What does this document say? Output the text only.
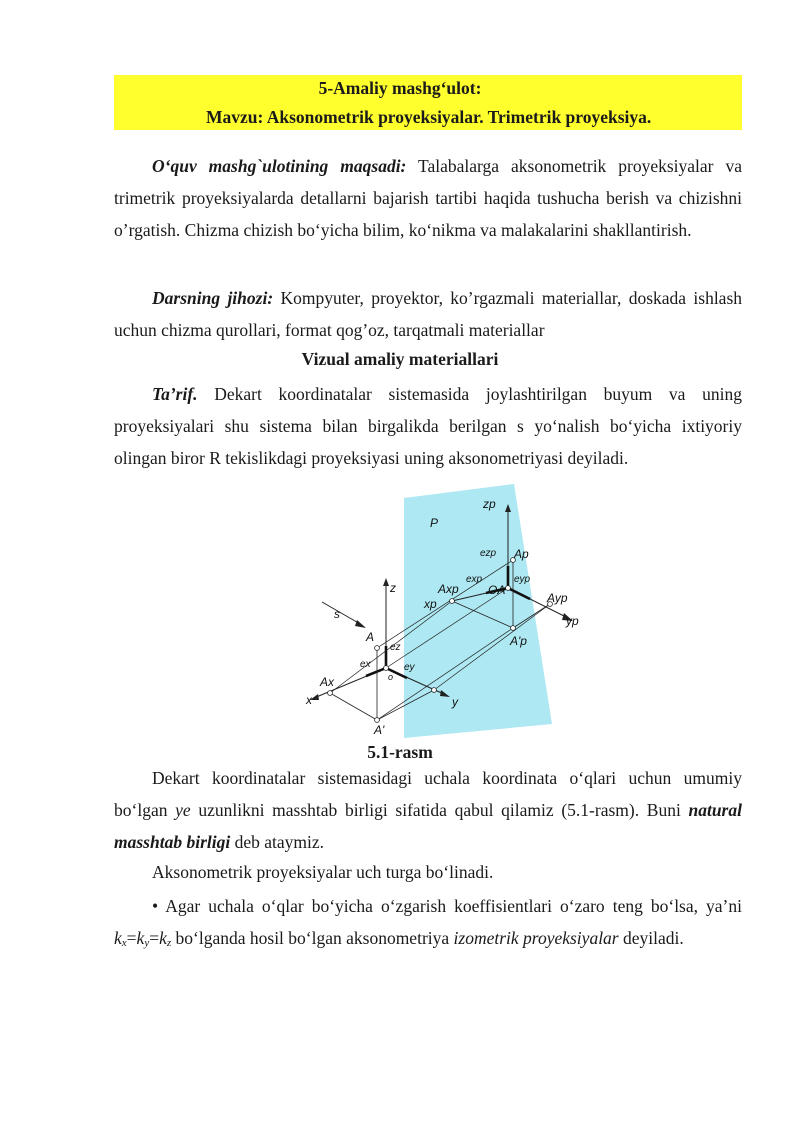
5-Amaliy mashg‘ulot:
Mavzu: Aksonometrik proyeksiyalar. Trimetrik proyeksiya.
O‘quv mashg`ulotining maqsadi: Talabalarga aksonometrik proyeksiyalar va trimetrik proyeksiyalarda detallarni bajarish tartibi haqida tushucha berish va chizishni o’rgatish. Chizma chizish bo‘yicha bilim, ko‘nikma va malakalarini shakllantirish.
Darsning jihozi: Kompyuter, proyektor, ko’rgazmali materiallar, doskada ishlash uchun chizma qurollari, format qog’oz, tarqatmali materiallar
Vizual amaliy materiallari
Ta’rif. Dekart koordinatalar sistemasida joylashtirilgan buyum va uning proyeksiyalari shu sistema bilan birgalikda berilgan s yo‘nalish bo‘yicha ixtiyoriy olingan biror R tekislikdagi proyeksiyasi uning aksonometriyasi deyiladi.
P
zp
ezp Ap
exp	eyp
Axp OA
Ayp
xp
yp
A'p
s
z
A
ez
ex	ey
o
Ax
x	y
A'
5.1-rasm
Dekart koordinatalar sistemasidagi uchala koordinata o‘qlari uchun umumiy bo‘lgan ye uzunlikni masshtab birligi sifatida qabul qilamiz (5.1-rasm). Buni natural masshtab birligi deb ataymiz.
Aksonometrik proyeksiyalar uch turga bo‘linadi.
• Agar uchala o‘qlar bo‘yicha o‘zgarish koeffisientlari o‘zaro teng bo‘lsa, ya’ni kx=ky=kz bo‘lganda hosil bo‘lgan aksonometriya izometrik proyeksiyalar deyiladi.
